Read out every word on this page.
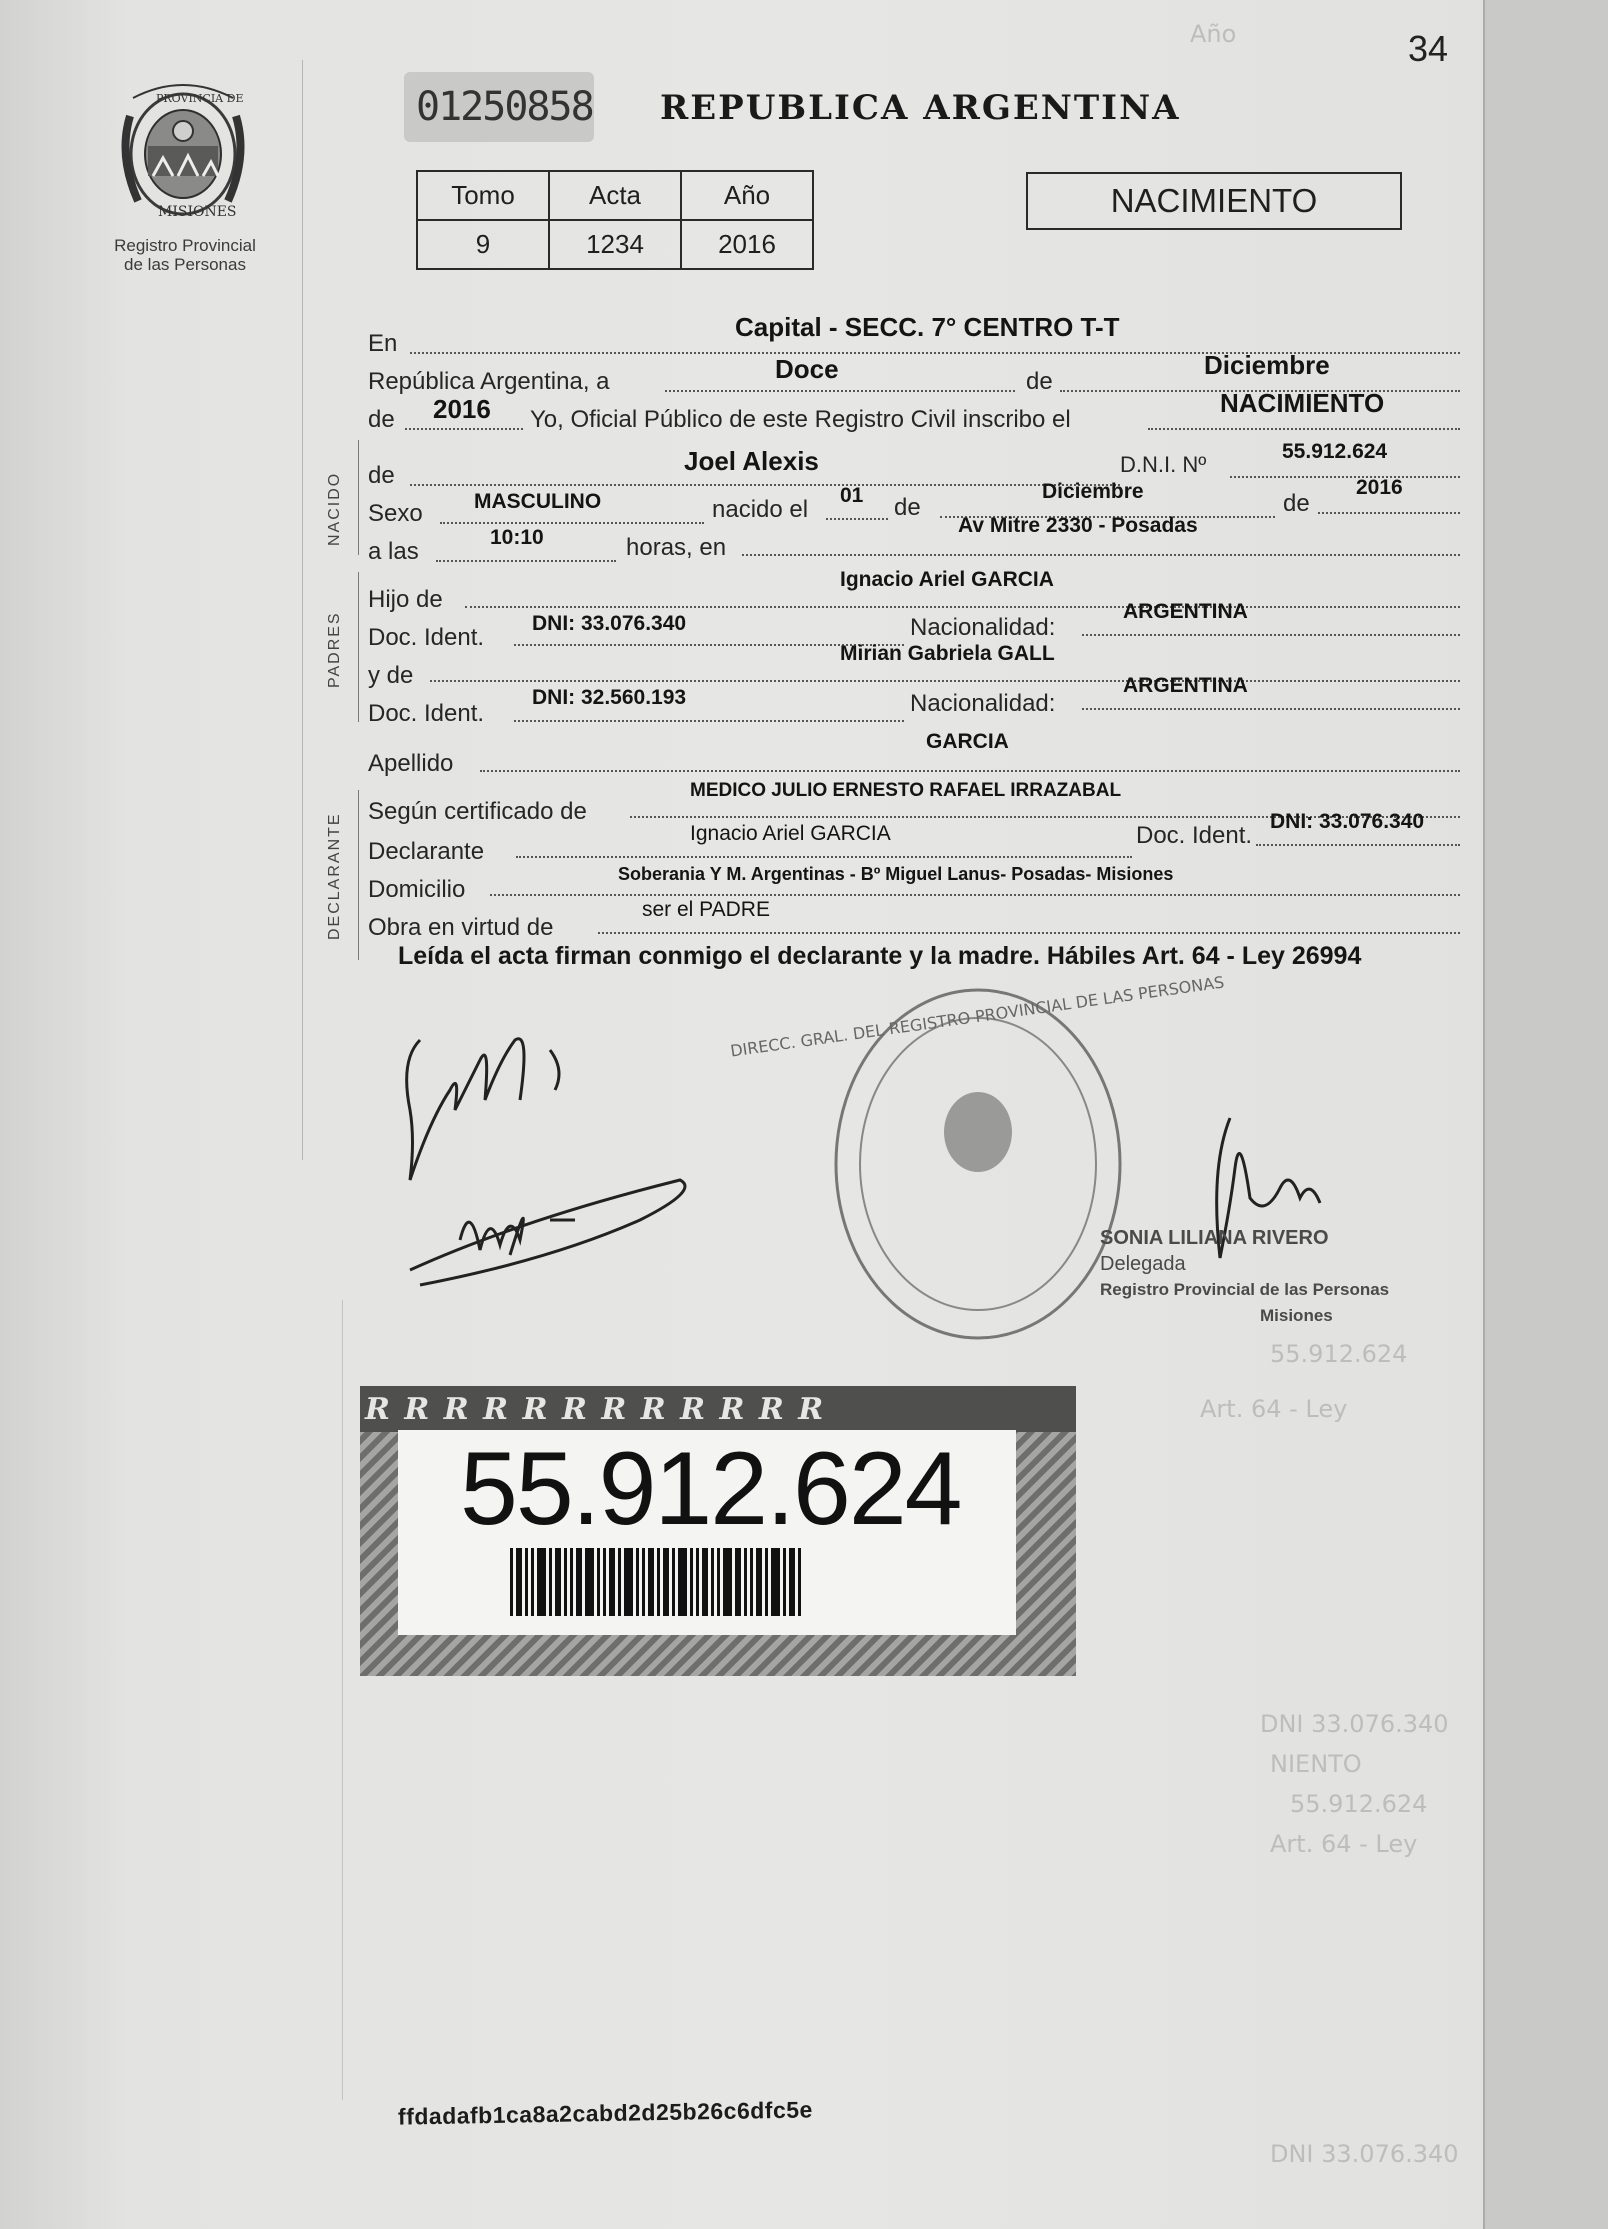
Año
DNI 33.076.340
NIENTO
55.912.624
Art. 64 - Ley
DNI 33.076.340
55.912.624
Art. 64 - Ley
34
PROVINCIA DE
MISIONES
Registro Provincial
de las Personas
01250858 REPUBLICA ARGENTINA
Tomo	Acta	Año
9	1234	2016
NACIMIENTO
En
Capital - SECC. 7° CENTRO T-T
República Argentina, a	Doce	de
Diciembre
de 2016 Yo, Oficial Público de este Registro Civil inscribo el
NACIMIENTO
NACIDO de	Joel Alexis	D.N.I. Nº
55.912.624
Sexo MASCULINO	nacido el
01 de
Diciembre	de
2016
a las
10:10	horas, en
Av Mitre 2330 - Posadas
PADRES
Hijo de
Ignacio Ariel GARCIA
Doc. Ident.
DNI: 33.076.340	Nacionalidad:
ARGENTINA
y de
Mirian Gabriela GALL
Doc. Ident.
DNI: 32.560.193	Nacionalidad:
ARGENTINA
Apellido
GARCIA
DECLARANTE
Según certificado de
MEDICO JULIO ERNESTO RAFAEL IRRAZABAL
Declarante
Ignacio Ariel GARCIA	Doc. Ident.
DNI: 33.076.340
Domicilio
Soberania Y M. Argentinas - Bº Miguel Lanus- Posadas- Misiones
Obra en virtud de
ser el PADRE
Leída el acta firman conmigo el declarante y la madre. Hábiles Art. 64 - Ley 26994
DIRECC. GRAL. DEL REGISTRO PROVINCIAL DE LAS PERSONAS
SONIA LILIANA RIVERO
Delegada
Registro Provincial de las Personas
Misiones
R R R R R R R R R R R R
55.912.624
ffdadafb1ca8a2cabd2d25b26c6dfc5e
